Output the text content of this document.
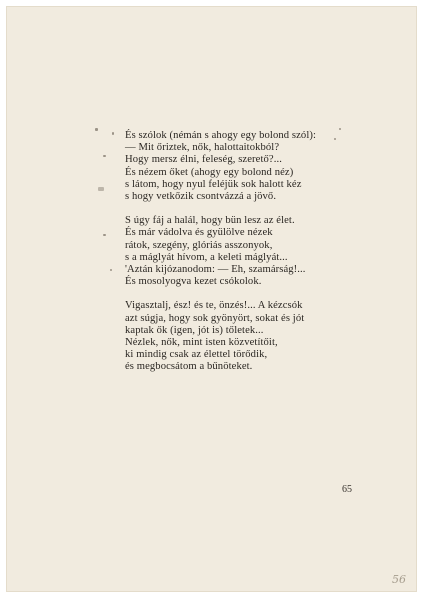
És szólok (némán s ahogy egy bolond szól):
— Mit őriztek, nők, halottaitokból?
Hogy mersz élni, feleség, szerető?...
És nézem őket (ahogy egy bolond néz)
s látom, hogy nyul feléjük sok halott kéz
s hogy vetkőzik csontvázzá a jövő.
S úgy fáj a halál, hogy bün lesz az élet.
És már vádolva és gyülölve nézek
rátok, szegény, glóriás asszonyok,
s a máglyát hívom, a keleti máglyát...
'Aztán kijózanodom: — Eh, szamárság!...
És mosolyogva kezet csókolok.
Vigasztalj, ész! és te, önzés!... A kézcsók
azt súgja, hogy sok gyönyört, sokat és jót
kaptak ők (igen, jót is) tőletek...
Nézlek, nők, mint isten közvetítőit,
ki mindig csak az élettel törődik,
és megbocsátom a bűnöteket.
65
56
